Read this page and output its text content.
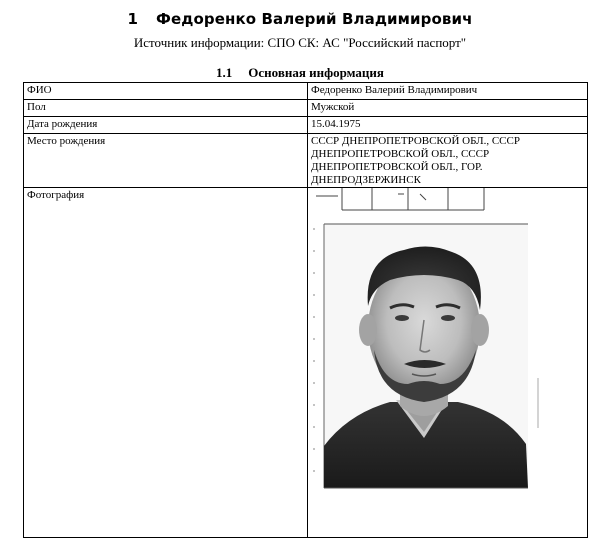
1 Федоренко Валерий Владимирович
Источник информации: СПО СК: АС "Российский паспорт"
1.1 Основная информация
ФИО	Федоренко Валерий Владимирович
Пол	Мужской
Дата рождения	15.04.1975
Место рождения	СССР ДНЕПРОПЕТРОВСКОЙ ОБЛ., СССР ДНЕПРОПЕТРОВСКОЙ ОБЛ., СССР ДНЕПРОПЕТРОВСКОЙ ОБЛ., ГОР. ДНЕПРОДЗЕРЖИНСК

Фотография
